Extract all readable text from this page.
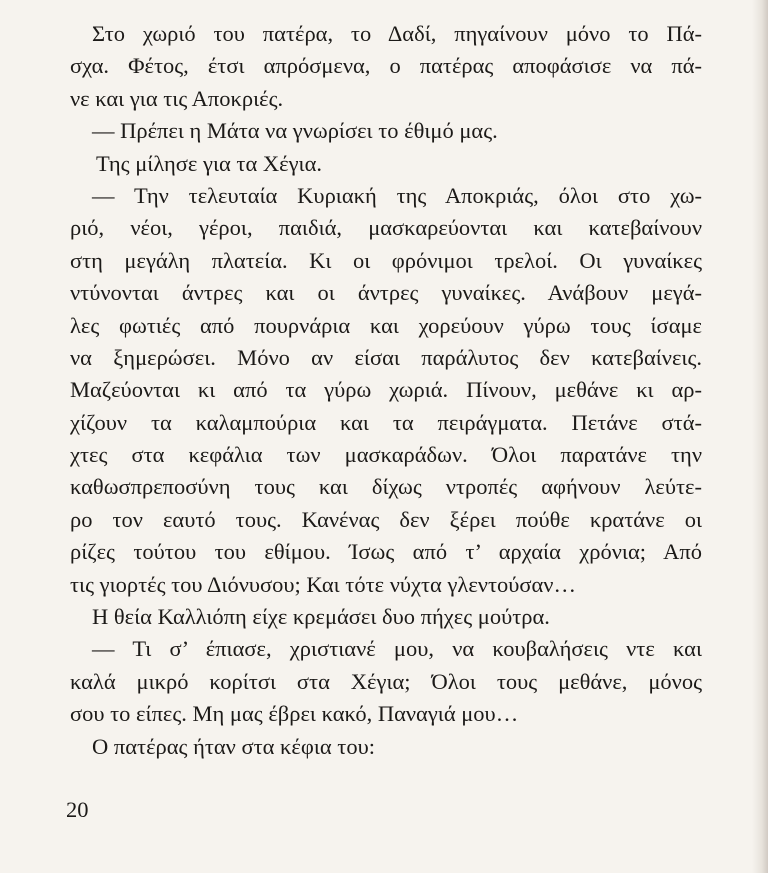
Στο χωριό του πατέρα, το Δαδί, πηγαίνουν μόνο το Πά-
σχα. Φέτος, έτσι απρόσμενα, ο πατέρας αποφάσισε να πά-
νε και για τις Αποκριές.
— Πρέπει η Μάτα να γνωρίσει το έθιμό μας.
Της μίλησε για τα Χέγια.
— Την τελευταία Κυριακή της Αποκριάς, όλοι στο χω-
ριό, νέοι, γέροι, παιδιά, μασκαρεύονται και κατεβαίνουν
στη μεγάλη πλατεία. Κι οι φρόνιμοι τρελοί. Οι γυναίκες
ντύνονται άντρες και οι άντρες γυναίκες. Ανάβουν μεγά-
λες φωτιές από πουρνάρια και χορεύουν γύρω τους ίσαμε
να ξημερώσει. Μόνο αν είσαι παράλυτος δεν κατεβαίνεις.
Μαζεύονται κι από τα γύρω χωριά. Πίνουν, μεθάνε κι αρ-
χίζουν τα καλαμπούρια και τα πειράγματα. Πετάνε στά-
χτες στα κεφάλια των μασκαράδων. Όλοι παρατάνε την
καθωσπρεποσύνη τους και δίχως ντροπές αφήνουν λεύτε-
ρο τον εαυτό τους. Κανένας δεν ξέρει πούθε κρατάνε οι
ρίζες τούτου του εθίμου. Ίσως από τ’ αρχαία χρόνια; Από
τις γιορτές του Διόνυσου; Και τότε νύχτα γλεντούσαν…
Η θεία Καλλιόπη είχε κρεμάσει δυο πήχες μούτρα.
— Τι σ’ έπιασε, χριστιανέ μου, να κουβαλήσεις ντε και
καλά μικρό κορίτσι στα Χέγια; Όλοι τους μεθάνε, μόνος
σου το είπες. Μη μας έβρει κακό, Παναγιά μου…
Ο πατέρας ήταν στα κέφια του:
20
